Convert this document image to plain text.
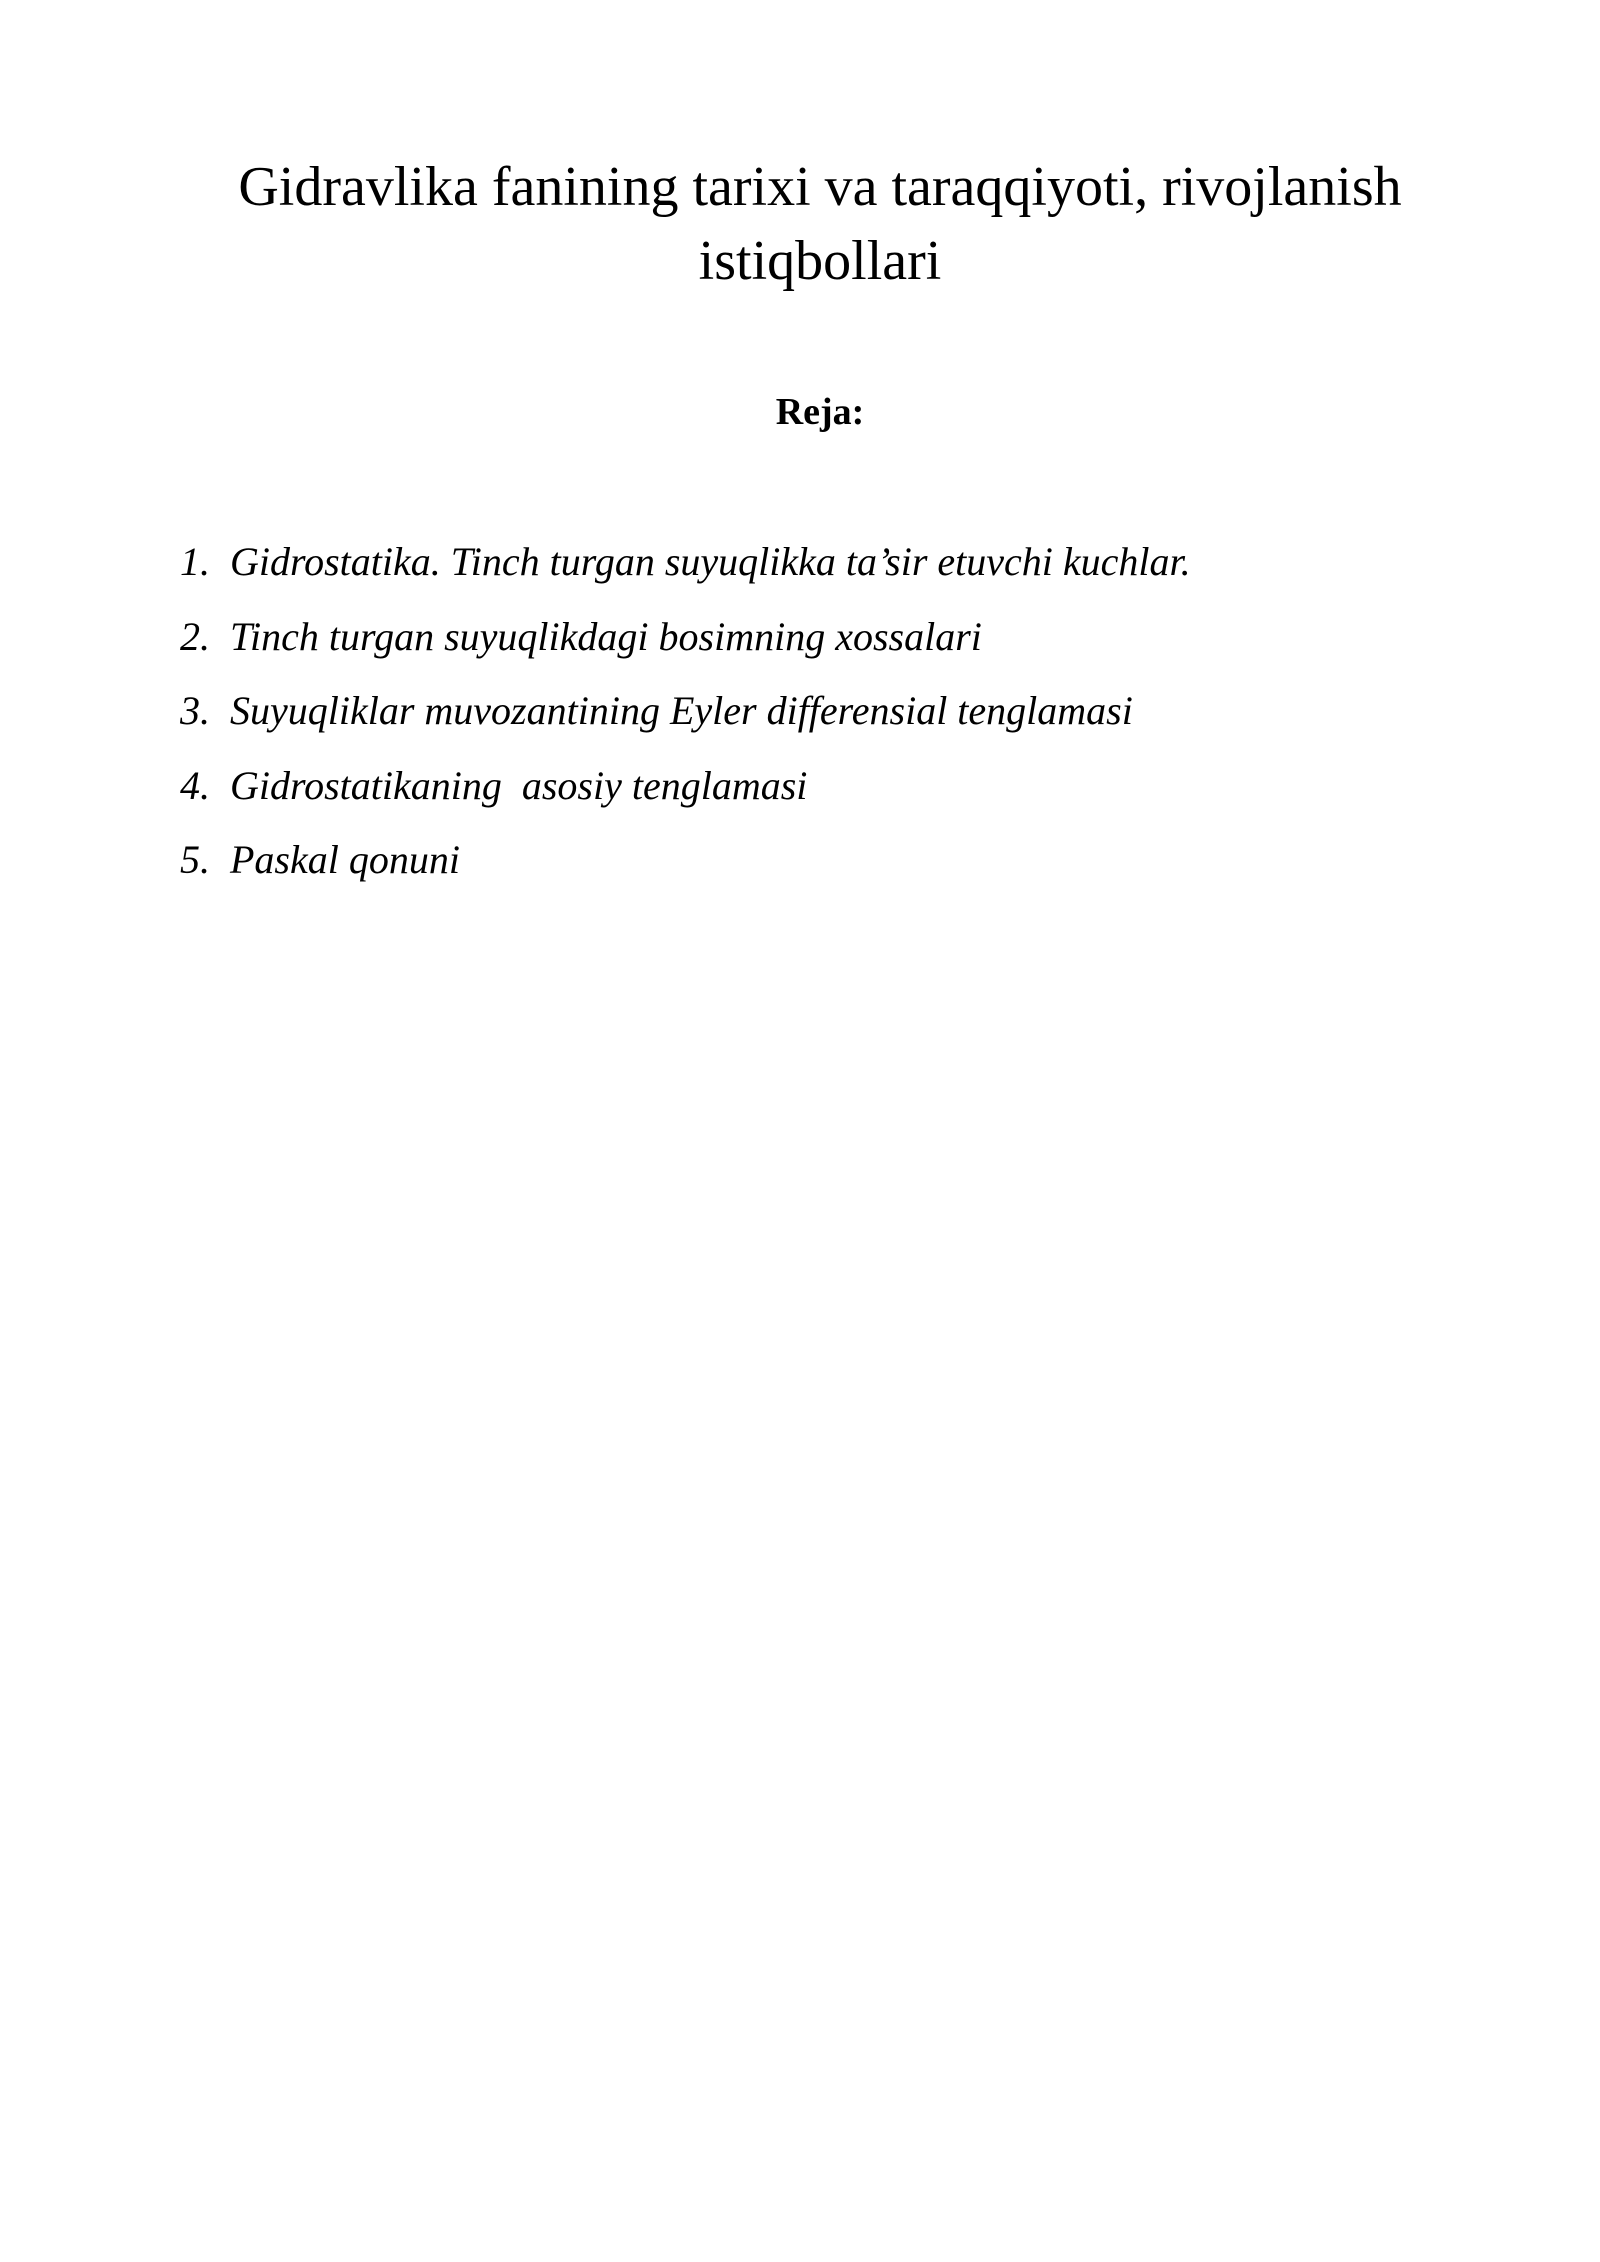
Gidravlika fanining tarixi va taraqqiyoti, rivojlanish istiqbollari
Reja:
1. Gidrostatika. Tinch turgan suyuqlikka ta’sir etuvchi kuchlar.
2. Tinch turgan suyuqlikdagi bosimning xossalari
3. Suyuqliklar muvozantining Eyler differensial tenglamasi
4. Gidrostatikaning  asosiy tenglamasi
5. Paskal qonuni
